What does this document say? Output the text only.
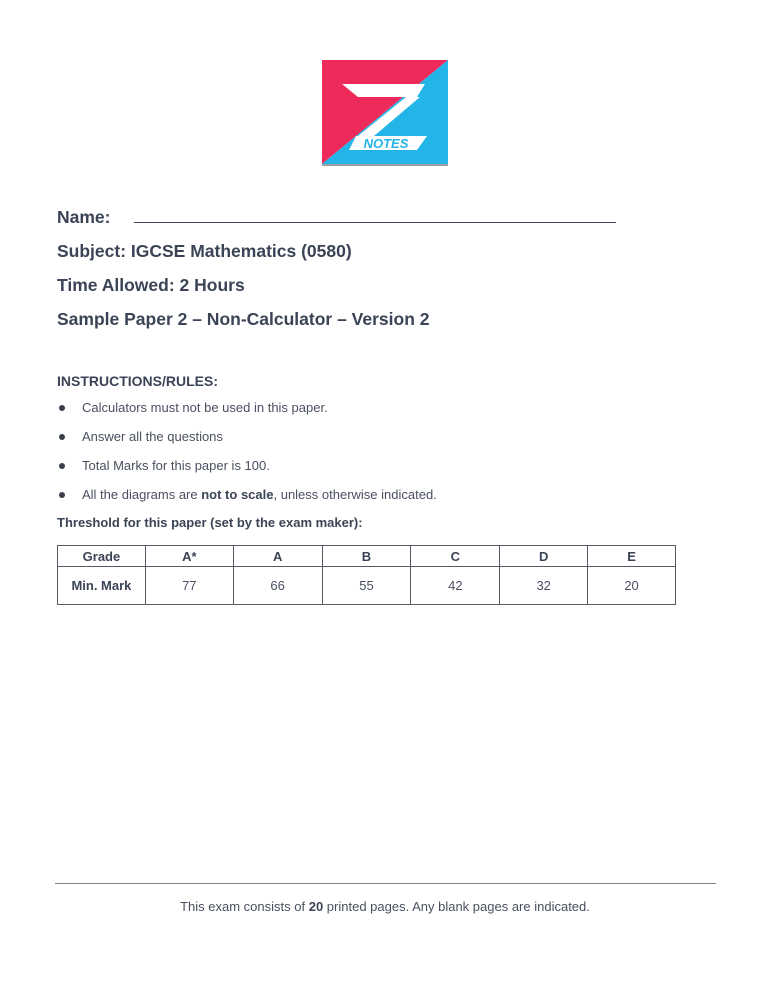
NOTES
Name:
Subject: IGCSE Mathematics (0580)
Time Allowed: 2 Hours
Sample Paper 2 – Non-Calculator – Version 2
INSTRUCTIONS/RULES:
Calculators must not be used in this paper.
Answer all the questions
Total Marks for this paper is 100.
All the diagrams are not to scale, unless otherwise indicated.
Threshold for this paper (set by the exam maker):
Grade	A*	A	B	C	D	E
Min. Mark	77	66	55	42	32	20

This exam consists of 20 printed pages. Any blank pages are indicated.
